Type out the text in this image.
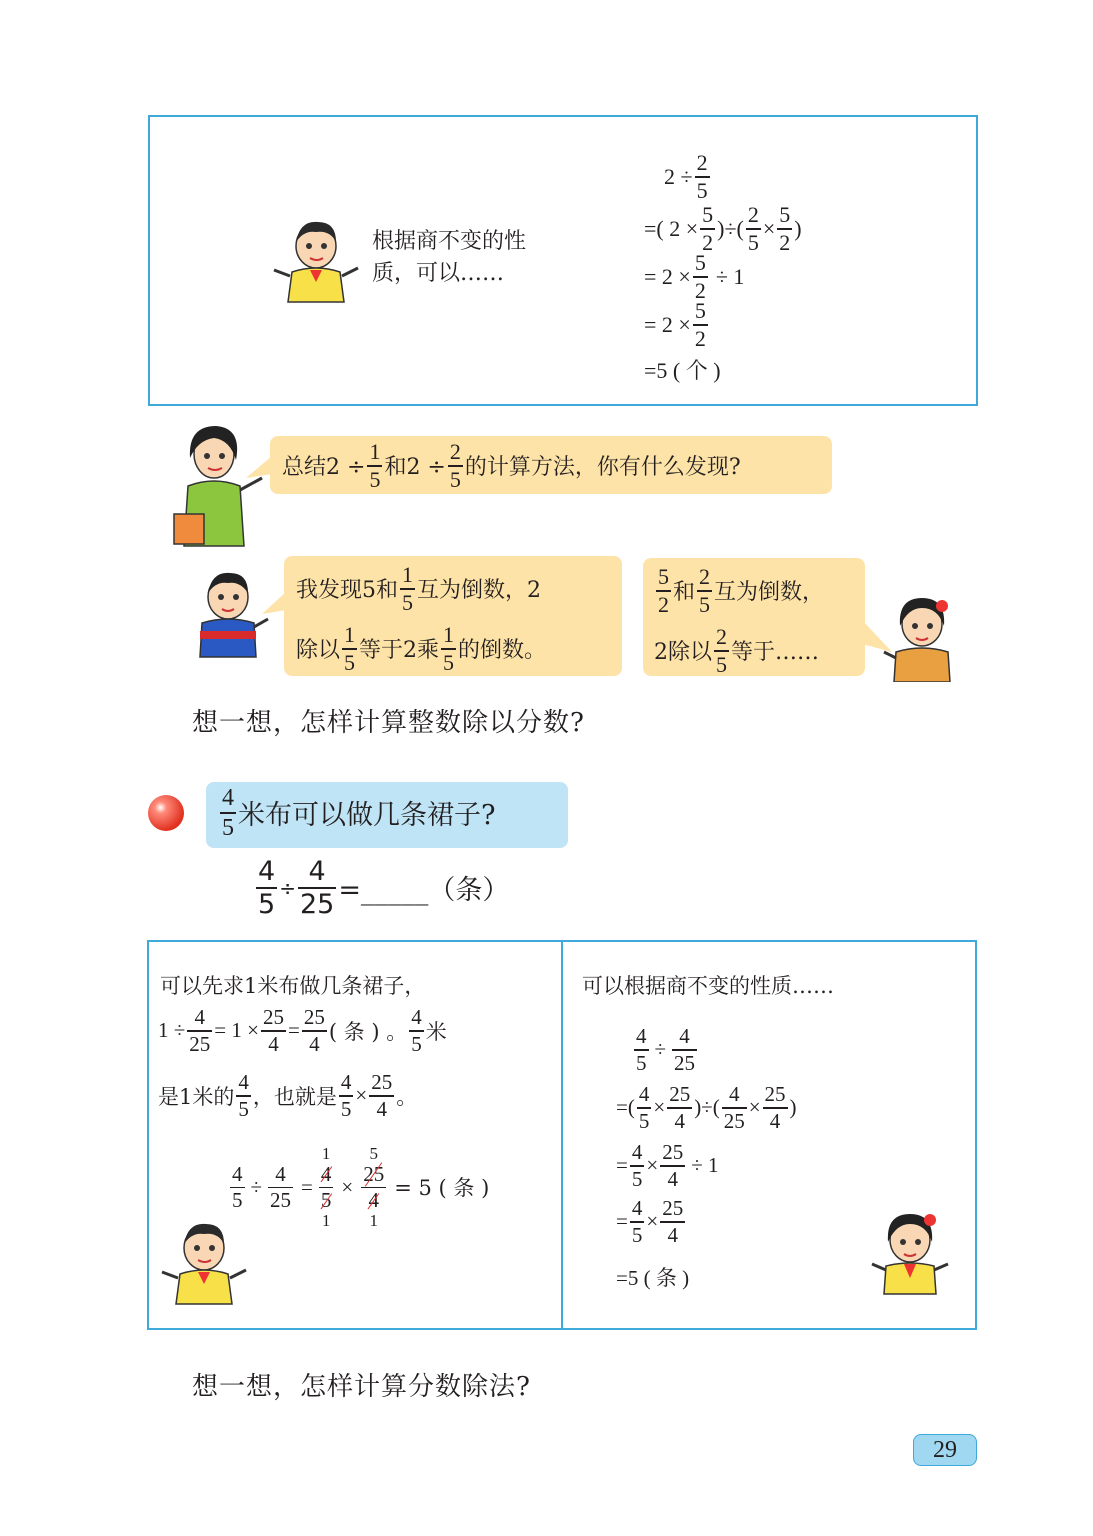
根据商不变的性
质，可以……
$2 \div \frac{2}{5}$
=( $2 \times \frac{5}{2}$ )÷( $\frac{2}{5} \times \frac{5}{2}$ )
= $2 \times \frac{5}{2} \div 1$
= $2 \times \frac{5}{2}$
=5 ( 个 )
总结$2 \div \frac{1}{5}$ 和$2 \div \frac{2}{5}$ 的计算方法，你有什么发现?
我发现5和 $\frac{1}{5}$ 互为倒数，2
除以 $\frac{1}{5}$ 等于2乘 $\frac{1}{5}$ 的倒数。
$\frac{5}{2}$ 和 $\frac{2}{5}$ 互为倒数，
2除以 $\frac{2}{5}$ 等于……
想一想，怎样计算整数除以分数?
$\frac{4}{5}$ 米布可以做几条裙子?
$\frac{4}{5} \div \frac{4}{25}$ =_____（条）
可以先求1米布做几条裙子，
$1 \div \frac{4}{25} = 1 \times \frac{25}{4} = \frac{25}{4}$ ( 条 ) 。 $\frac{4}{5}$ 米
是1米的 $\frac{4}{5}$ ，也就是 $\frac{4}{5} \times \frac{25}{4}$ 。
$\frac{4}{5} \div \frac{4}{25}$ =
1
$\frac{4}{5}$
1
×
5
$\frac{25}{4}$
1
= 5 ( 条 )
可以根据商不变的性质……
$\frac{4}{5} \div \frac{4}{25}$
=( $\frac{4}{5} \times \frac{25}{4}$ )÷( $\frac{4}{25} \times \frac{25}{4}$ )
= $\frac{4}{5} \times \frac{25}{4} \div 1$
= $\frac{4}{5} \times \frac{25}{4}$
=5 ( 条 )
想一想，怎样计算分数除法?
29
